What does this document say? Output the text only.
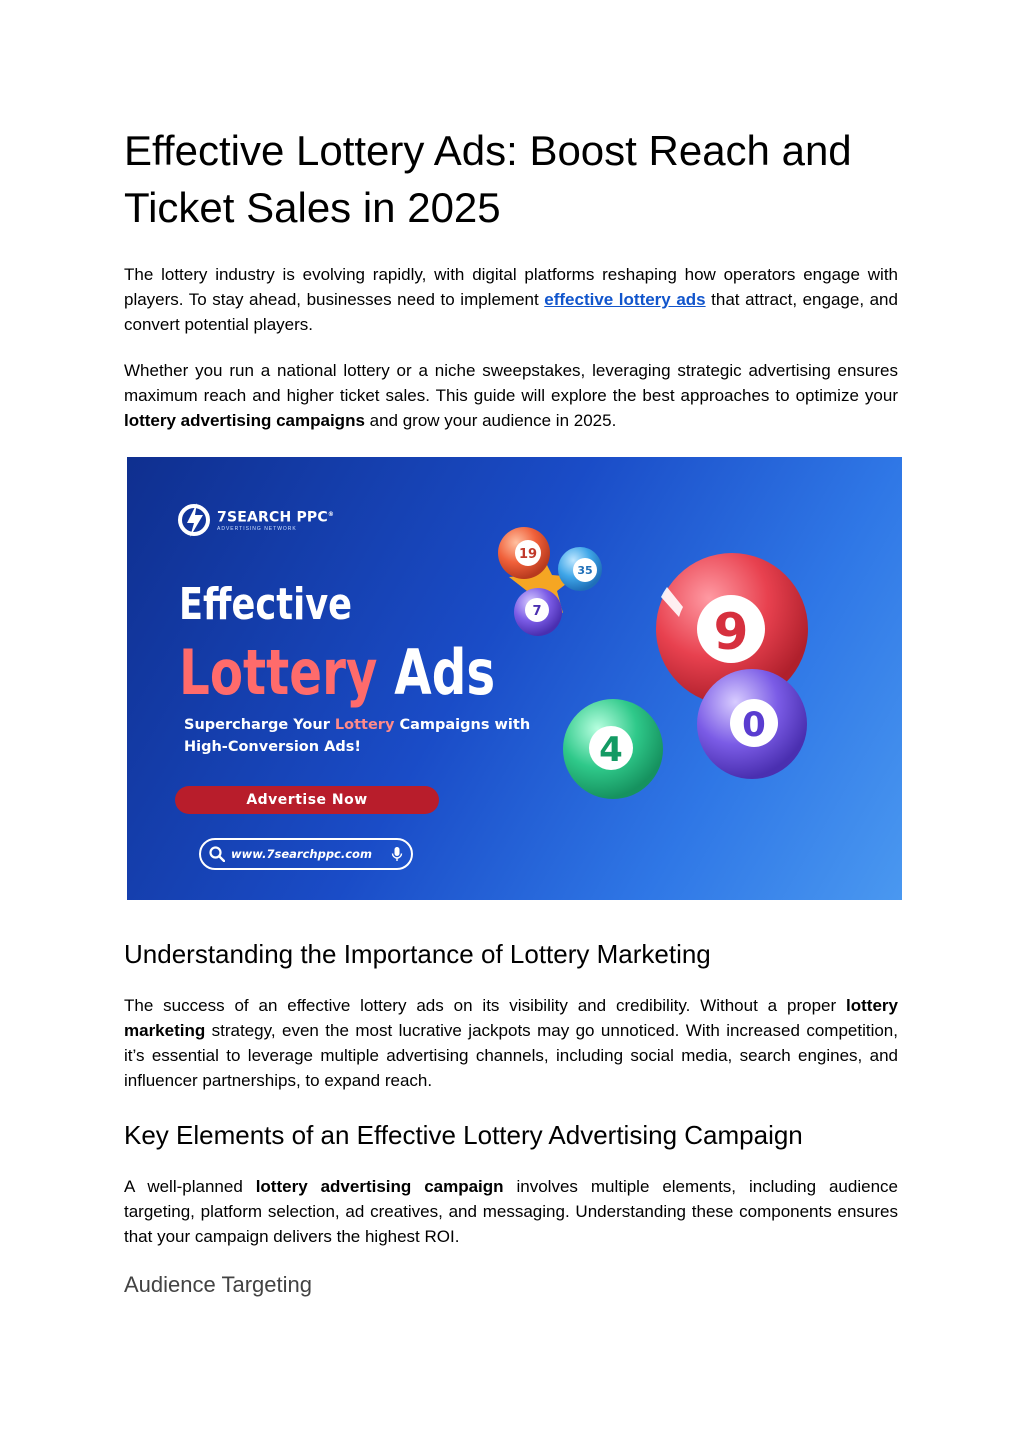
Effective Lottery Ads: Boost Reach and Ticket Sales in 2025

The lottery industry is evolving rapidly, with digital platforms reshaping how operators engage with players. To stay ahead, businesses need to implement effective lottery ads that attract, engage, and convert potential players.

Whether you run a national lottery or a niche sweepstakes, leveraging strategic advertising ensures maximum reach and higher ticket sales. This guide will explore the best approaches to optimize your lottery advertising campaigns and grow your audience in 2025.

19
35
7	9
4
0
7SEARCH PPC®
ADVERTISING NETWORK
Effective
Lottery Ads
Supercharge Your Lottery Campaigns with High-Conversion Ads!
Advertise Now
www.7searchppc.com
Understanding the Importance of Lottery Marketing

The success of an effective lottery ads on its visibility and credibility. Without a proper lottery marketing strategy, even the most lucrative jackpots may go unnoticed. With increased competition, it’s essential to leverage multiple advertising channels, including social media, search engines, and influencer partnerships, to expand reach.

Key Elements of an Effective Lottery Advertising Campaign

A well-planned lottery advertising campaign involves multiple elements, including audience targeting, platform selection, ad creatives, and messaging. Understanding these components ensures that your campaign delivers the highest ROI.

Audience Targeting
